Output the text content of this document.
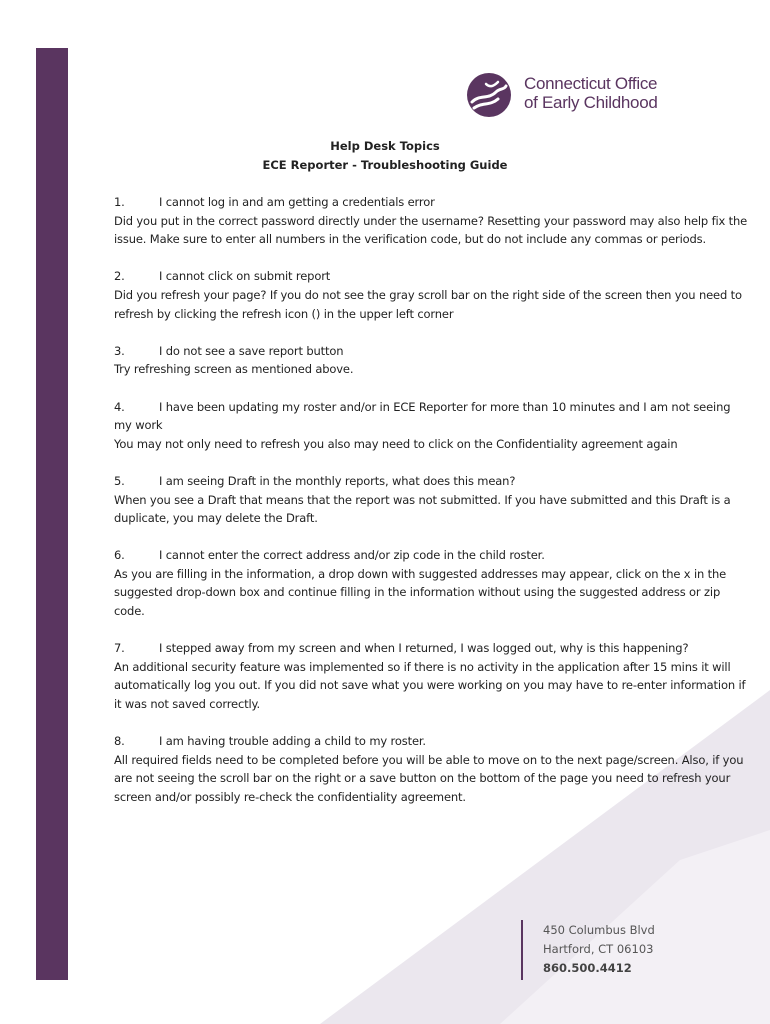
Connecticut Office
of Early Childhood
Help Desk Topics
ECE Reporter - Troubleshooting Guide
1.	I cannot log in and am getting a credentials error
Did you put in the correct password directly under the username? Resetting your password may also help fix the issue. Make sure to enter all numbers in the verification code, but do not include any commas or periods.
2.	I cannot click on submit report
Did you refresh your page? If you do not see the gray scroll bar on the right side of the screen then you need to refresh by clicking the refresh icon () in the upper left corner
3.	I do not see a save report button
Try refreshing screen as mentioned above.
4.	I have been updating my roster and/or in ECE Reporter for more than 10 minutes and I am not seeing my work
You may not only need to refresh you also may need to click on the Confidentiality agreement again
5.	I am seeing Draft in the monthly reports, what does this mean?
When you see a Draft that means that the report was not submitted. If you have submitted and this Draft is a duplicate, you may delete the Draft.
6.	I cannot enter the correct address and/or zip code in the child roster.
As you are filling in the information, a drop down with suggested addresses may appear, click on the x in the suggested drop-down box and continue filling in the information without using the suggested address or zip code.
7.	I stepped away from my screen and when I returned, I was logged out, why is this happening?
An additional security feature was implemented so if there is no activity in the application after 15 mins it will automatically log you out. If you did not save what you were working on you may have to re-enter information if it was not saved correctly.
8.	I am having trouble adding a child to my roster.
All required fields need to be completed before you will be able to move on to the next page/screen. Also, if you are not seeing the scroll bar on the right or a save button on the bottom of the page you need to refresh your screen and/or possibly re-check the confidentiality agreement.
450 Columbus Blvd
Hartford, CT 06103
860.500.4412
